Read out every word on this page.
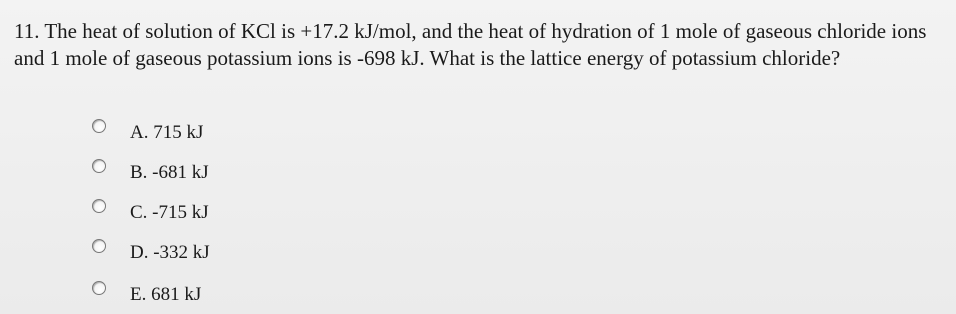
11. The heat of solution of KCl is +17.2 kJ/mol, and the heat of hydration of 1 mole of gaseous chloride ions and 1 mole of gaseous potassium ions is -698 kJ. What is the lattice energy of potassium chloride?

A. 715 kJ
B. -681 kJ
C. -715 kJ
D. -332 kJ
E. 681 kJ
